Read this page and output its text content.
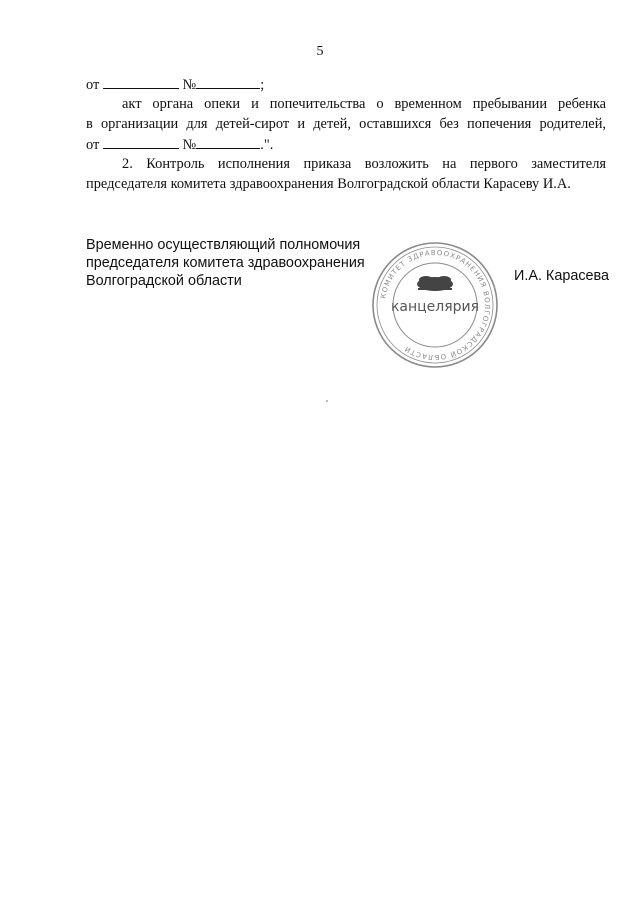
5
от	№	;
акт органа опеки и попечительства о временном пребывании ребенка
в организации для детей-сирот и детей, оставшихся без попечения родителей,
от	№	.".
2. Контроль исполнения приказа возложить на первого заместителя
председателя комитета здравоохранения Волгоградской области Карасеву И.А.
Временно осуществляющий полномочия
председателя комитета здравоохранения
Волгоградской области
КОМИТЕТ ЗДРАВООХРАНЕНИЯ ВОЛГОГРАДСКОЙ ОБЛАСТИ
канцелярия
И.А. Карасева
